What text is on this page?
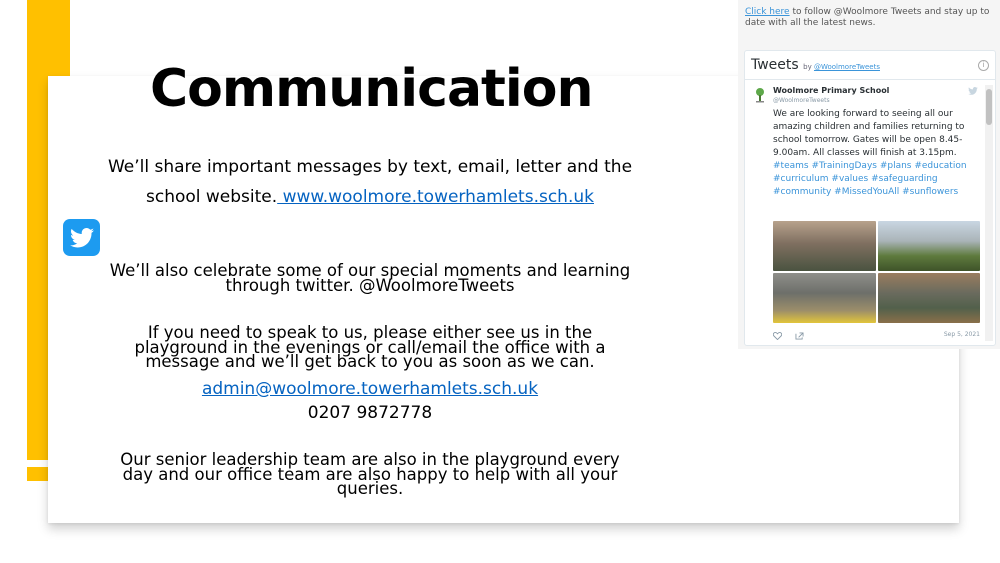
Communication
We’ll share important messages by text, email, letter and the
school website. www.woolmore.towerhamlets.sch.uk
We’ll also celebrate some of our special moments and learning through twitter. @WoolmoreTweets
If you need to speak to us, please either see us in the playground in the evenings or call/email the office with a message and we’ll get back to you as soon as we can.
admin@woolmore.towerhamlets.sch.uk
0207 9872778
Our senior leadership team are also in the playground every day and our office team are also happy to help with all your queries.
Click here to follow @Woolmore Tweets and stay up to date with all the latest news.
Tweets by @WoolmoreTweets	i
Woolmore Primary School
@WoolmoreTweets
We are looking forward to seeing all our amazing children and families returning to school tomorrow. Gates will be open 8.45-9.00am. All classes will finish at 3.15pm. #teams #TrainingDays #plans #education #curriculum #values #safeguarding #community #MissedYouAll #sunflowers
Sep 5, 2021
